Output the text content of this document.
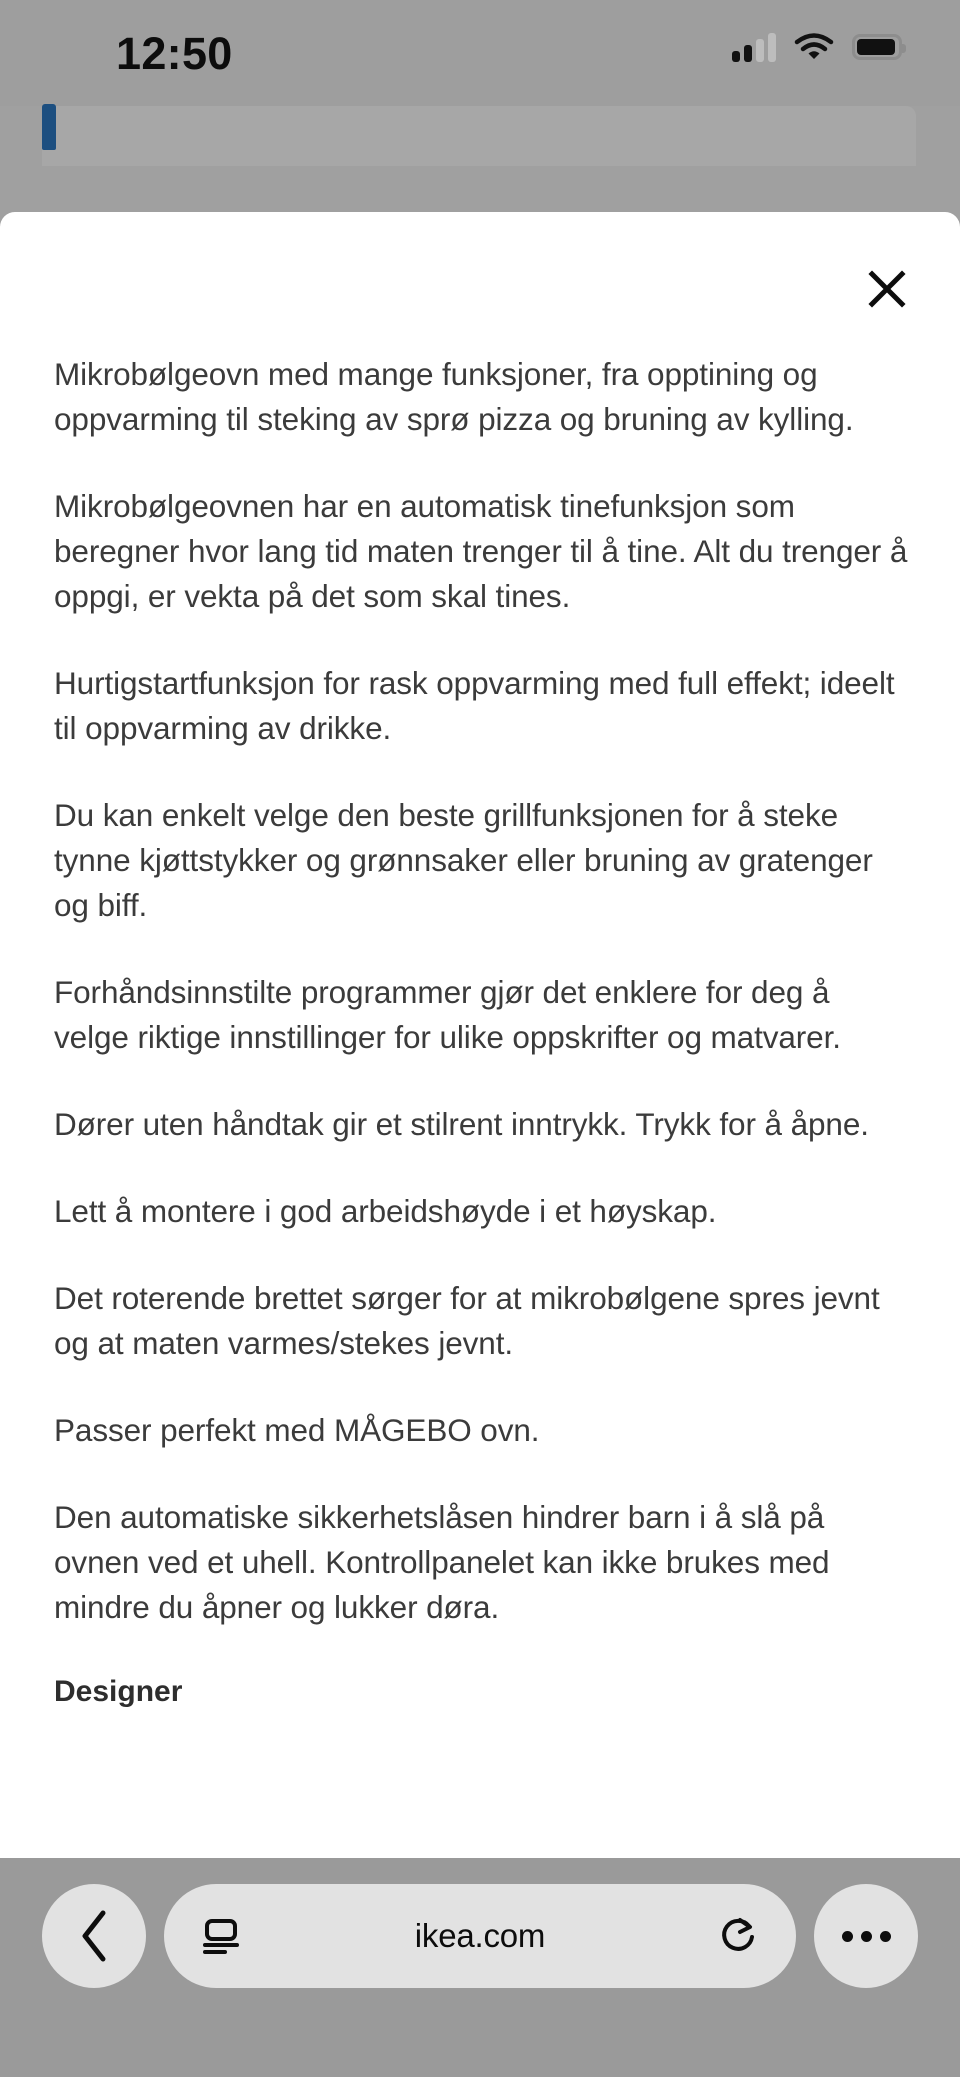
12:50

Mikrobølgeovn med mange funksjoner, fra opptining og oppvarming til steking av sprø pizza og bruning av kylling.

Mikrobølgeovnen har en automatisk tinefunksjon som beregner hvor lang tid maten trenger til å tine. Alt du trenger å oppgi, er vekta på det som skal tines.

Hurtigstartfunksjon for rask oppvarming med full effekt; ideelt til oppvarming av drikke.

Du kan enkelt velge den beste grillfunksjonen for å steke tynne kjøttstykker og grønnsaker eller bruning av gratenger og biff.

Forhåndsinnstilte programmer gjør det enklere for deg å velge riktige innstillinger for ulike oppskrifter og matvarer.

Dører uten håndtak gir et stilrent inntrykk. Trykk for å åpne.

Lett å montere i god arbeidshøyde i et høyskap.

Det roterende brettet sørger for at mikrobølgene spres jevnt og at maten varmes/stekes jevnt.

Passer perfekt med MÅGEBO ovn.

Den automatiske sikkerhetslåsen hindrer barn i å slå på ovnen ved et uhell. Kontrollpanelet kan ikke brukes med mindre du åpner og lukker døra.

Designer
ikea.com
